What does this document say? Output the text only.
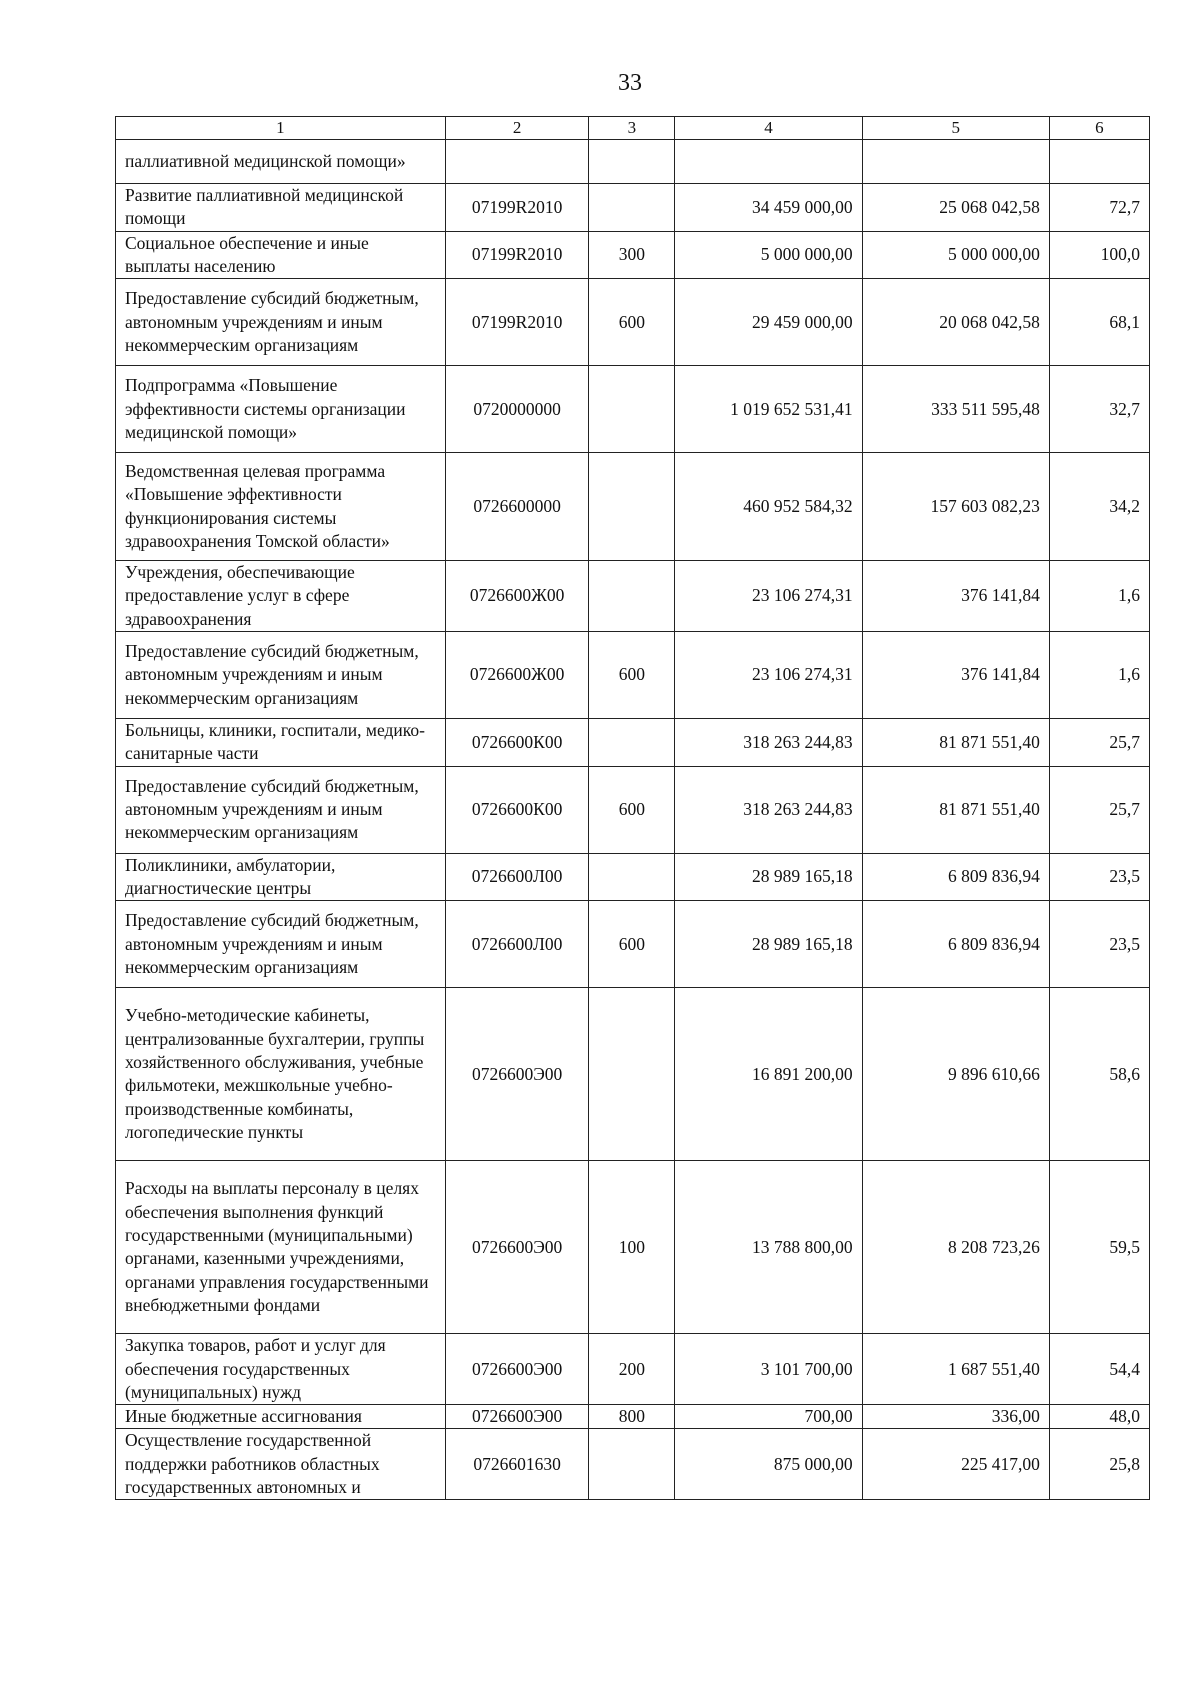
33
1	2	3	4	5	6
паллиативной медицинской помощи»					
Развитие паллиативной медицинской помощи	07199R2010		34 459 000,00	25 068 042,58	72,7
Социальное обеспечение и иные выплаты населению	07199R2010	300	5 000 000,00	5 000 000,00	100,0
Предоставление субсидий бюджетным, автономным учреждениям и иным некоммерческим организациям	07199R2010	600	29 459 000,00	20 068 042,58	68,1
Подпрограмма «Повышение эффективности системы организации медицинской помощи»	0720000000		1 019 652 531,41	333 511 595,48	32,7
Ведомственная целевая программа «Повышение эффективности функционирования системы здравоохранения Томской области»	0726600000		460 952 584,32	157 603 082,23	34,2
Учреждения, обеспечивающие предоставление услуг в сфере здравоохранения	0726600Ж00		23 106 274,31	376 141,84	1,6
Предоставление субсидий бюджетным, автономным учреждениям и иным некоммерческим организациям	0726600Ж00	600	23 106 274,31	376 141,84	1,6
Больницы, клиники, госпитали, медико-санитарные части	0726600К00		318 263 244,83	81 871 551,40	25,7
Предоставление субсидий бюджетным, автономным учреждениям и иным некоммерческим организациям	0726600К00	600	318 263 244,83	81 871 551,40	25,7
Поликлиники, амбулатории, диагностические центры	0726600Л00		28 989 165,18	6 809 836,94	23,5
Предоставление субсидий бюджетным, автономным учреждениям и иным некоммерческим организациям	0726600Л00	600	28 989 165,18	6 809 836,94	23,5
Учебно-методические кабинеты, централизованные бухгалтерии, группы хозяйственного обслуживания, учебные фильмотеки, межшкольные учебно-производственные комбинаты, логопедические пункты	0726600Э00		16 891 200,00	9 896 610,66	58,6
Расходы на выплаты персоналу в целях обеспечения выполнения функций государственными (муниципальными) органами, казенными учреждениями, органами управления государственными внебюджетными фондами	0726600Э00	100	13 788 800,00	8 208 723,26	59,5
Закупка товаров, работ и услуг для обеспечения государственных (муниципальных) нужд	0726600Э00	200	3 101 700,00	1 687 551,40	54,4
Иные бюджетные ассигнования	0726600Э00	800	700,00	336,00	48,0
Осуществление государственной поддержки работников областных государственных автономных и	0726601630		875 000,00	225 417,00	25,8
